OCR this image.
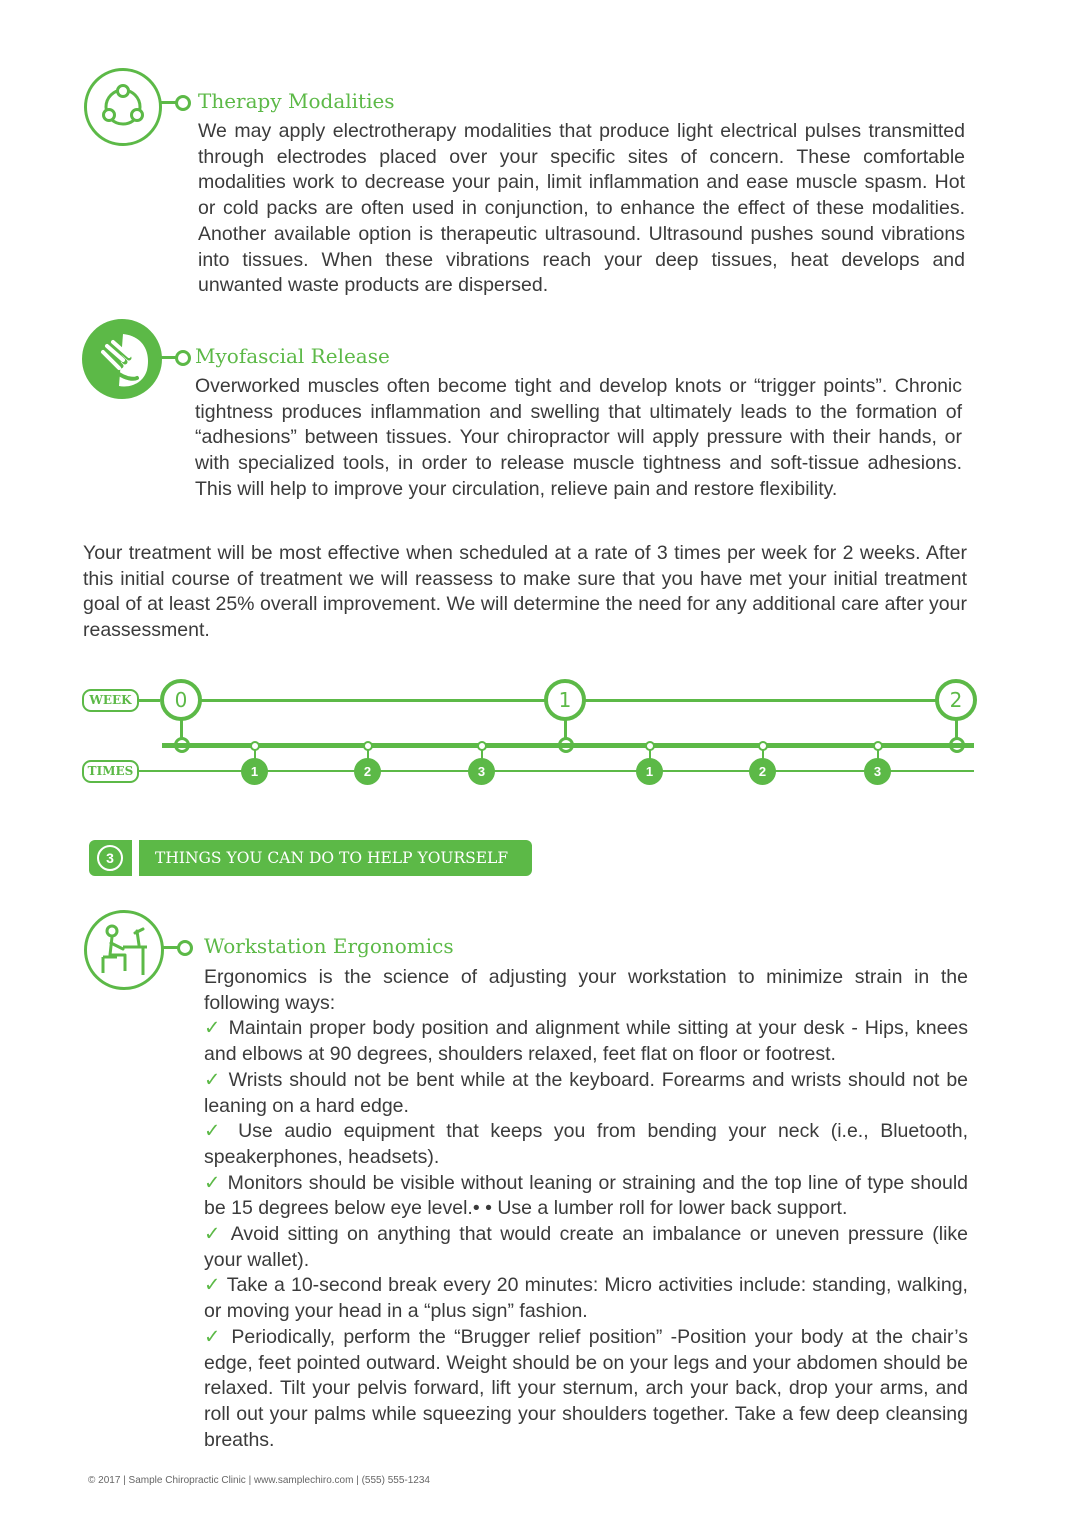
Therapy Modalities
We may apply electrotherapy modalities that produce light electrical pulses transmitted through electrodes placed over your specific sites of concern. These comfortable modalities work to decrease your pain, limit inflammation and ease muscle spasm. Hot or cold packs are often used in conjunction, to enhance the effect of these modalities. Another available option is therapeutic ultrasound. Ultrasound pushes sound vibrations into tissues. When these vibrations reach your deep tissues, heat develops and unwanted waste products are dispersed.
Myofascial Release
Overworked muscles often become tight and develop knots or “trigger points”. Chronic tightness produces inflammation and swelling that ultimately leads to the formation of “adhesions” between tissues. Your chiropractor will apply pressure with their hands, or with specialized tools, in order to release muscle tightness and soft-tissue adhesions. This will help to improve your circulation, relieve pain and restore flexibility.
Your treatment will be most effective when scheduled at a rate of 3 times per week for 2 weeks. After this initial course of treatment we will reassess to make sure that you have met your initial treatment goal of at least 25% overall improvement. We will determine the need for any additional care after your reassessment.
WEEK	0	1	2
TIMES	1	2	3	1	2	3
3	THINGS YOU CAN DO TO HELP YOURSELF
Workstation Ergonomics

Ergonomics is the science of adjusting your workstation to minimize strain in the following ways:

✓ Maintain proper body position and alignment while sitting at your desk - Hips, knees and elbows at 90 degrees, shoulders relaxed, feet flat on floor or footrest.

✓ Wrists should not be bent while at the keyboard. Forearms and wrists should not be leaning on a hard edge.

✓ Use audio equipment that keeps you from bending your neck (i.e., Bluetooth, speakerphones, headsets).

✓ Monitors should be visible without leaning or straining and the top line of type should be 15 degrees below eye level.• • Use a lumber roll for lower back support.

✓ Avoid sitting on anything that would create an imbalance or uneven pressure (like your wallet).

✓ Take a 10-second break every 20 minutes: Micro activities include: standing, walking, or moving your head in a “plus sign” fashion.

✓ Periodically, perform the “Brugger relief position” -Position your body at the chair’s edge, feet pointed outward. Weight should be on your legs and your abdomen should be relaxed. Tilt your pelvis forward, lift your sternum, arch your back, drop your arms, and roll out your palms while squeezing your shoulders together. Take a few deep cleansing breaths.

© 2017 | Sample Chiropractic Clinic | www.samplechiro.com | (555) 555-1234
